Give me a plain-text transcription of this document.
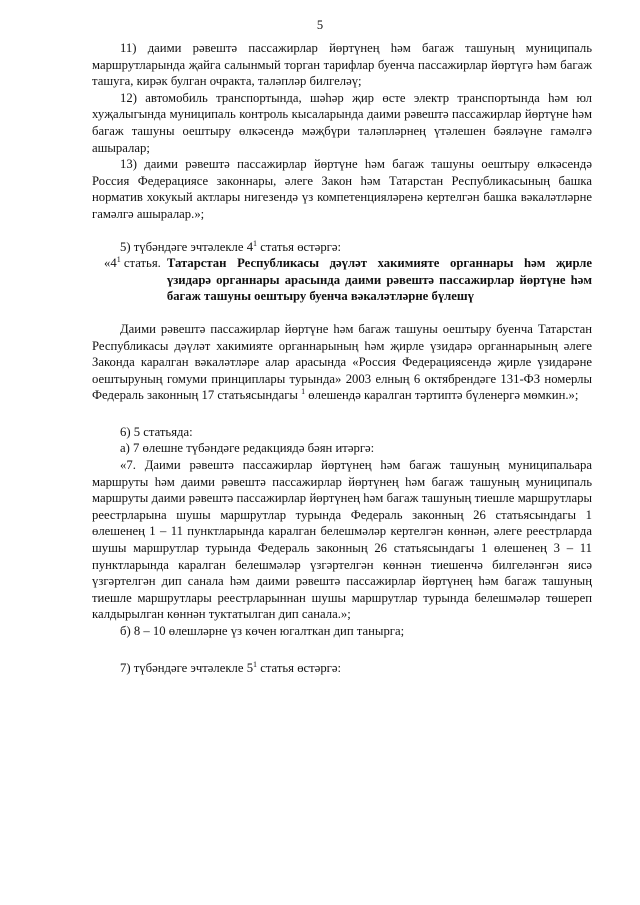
5

11) даими рәвештә пассажирлар йөртүнең һәм багаж ташуның муниципаль маршрутларында җайга салынмый торган тарифлар буенча пассажирлар йөртүгә һәм багаж ташуга, кирәк булган очракта, таләпләр билгеләү;

12) автомобиль транспортында, шәһәр җир өсте электр транспортында һәм юл хуҗалыгында муниципаль контроль кысаларында даими рәвештә пассажирлар йөртүне һәм багаж ташуны оештыру өлкәсендә мәҗбүри таләпләрнең үтәлешен бәяләүне гамәлгә ашыралар;

13) даими рәвештә пассажирлар йөртүне һәм багаж ташуны оештыру өлкәсендә Россия Федерациясе законнары, әлеге Закон һәм Татарстан Республикасының башка норматив хокукый актлары нигезендә үз компетенцияләренә кертелгән башка вәкаләтләрне гамәлгә ашыралар.»;

5) түбәндәге эчтәлекле $4^1$ статья өстәргә:

«$4^1$ статья. Татарстан Республикасы дәүләт хакимияте органнары һәм җирле үзидарә органнары арасында даими рәвештә пассажирлар йөртүне һәм багаж ташуны оештыру буенча вәкаләтләрне бүлешү

Даими рәвештә пассажирлар йөртүне һәм багаж ташуны оештыру буенча Татарстан Республикасы дәүләт хакимияте органнарының һәм җирле үзидарә органнарының әлеге Законда каралган вәкаләтләре алар арасында «Россия Федерациясендә җирле үзидарәне оештыруның гомуми принциплары турында» 2003 елның 6 октябрендәге 131-ФЗ номерлы Федераль законның 17 статьясындагы $^1$ өлешендә каралган тәртиптә бүленергә мөмкин.»;

6) 5 статьяда:

а) 7 өлешне түбәндәге редакциядә бәян итәргә:

«7. Даими рәвештә пассажирлар йөртүнең һәм багаж ташуның муниципальара маршруты һәм даими рәвештә пассажирлар йөртүнең һәм багаж ташуның муниципаль маршруты даими рәвештә пассажирлар йөртүнең һәм багаж ташуның тиешле маршрутлары реестрларына шушы маршрутлар турында Федераль законның 26 статьясындагы 1 өлешенең 1 – 11 пунктларында каралган белешмәләр кертелгән көннән, әлеге реестрларда шушы маршрутлар турында Федераль законның 26 статьясындагы 1 өлешенең 3 – 11 пунктларында каралган белешмәләр үзгәртелгән көннән тиешенчә билгеләнгән яисә үзгәртелгән дип санала һәм даими рәвештә пассажирлар йөртүнең һәм багаж ташуның тиешле маршрутлары реестрларыннан шушы маршрутлар турында белешмәләр төшереп калдырылган көннән туктатылган дип санала.»;

б) 8 – 10 өлешләрне үз көчен югалткан дип танырга;

7) түбәндәге эчтәлекле $5^1$ статья өстәргә:
